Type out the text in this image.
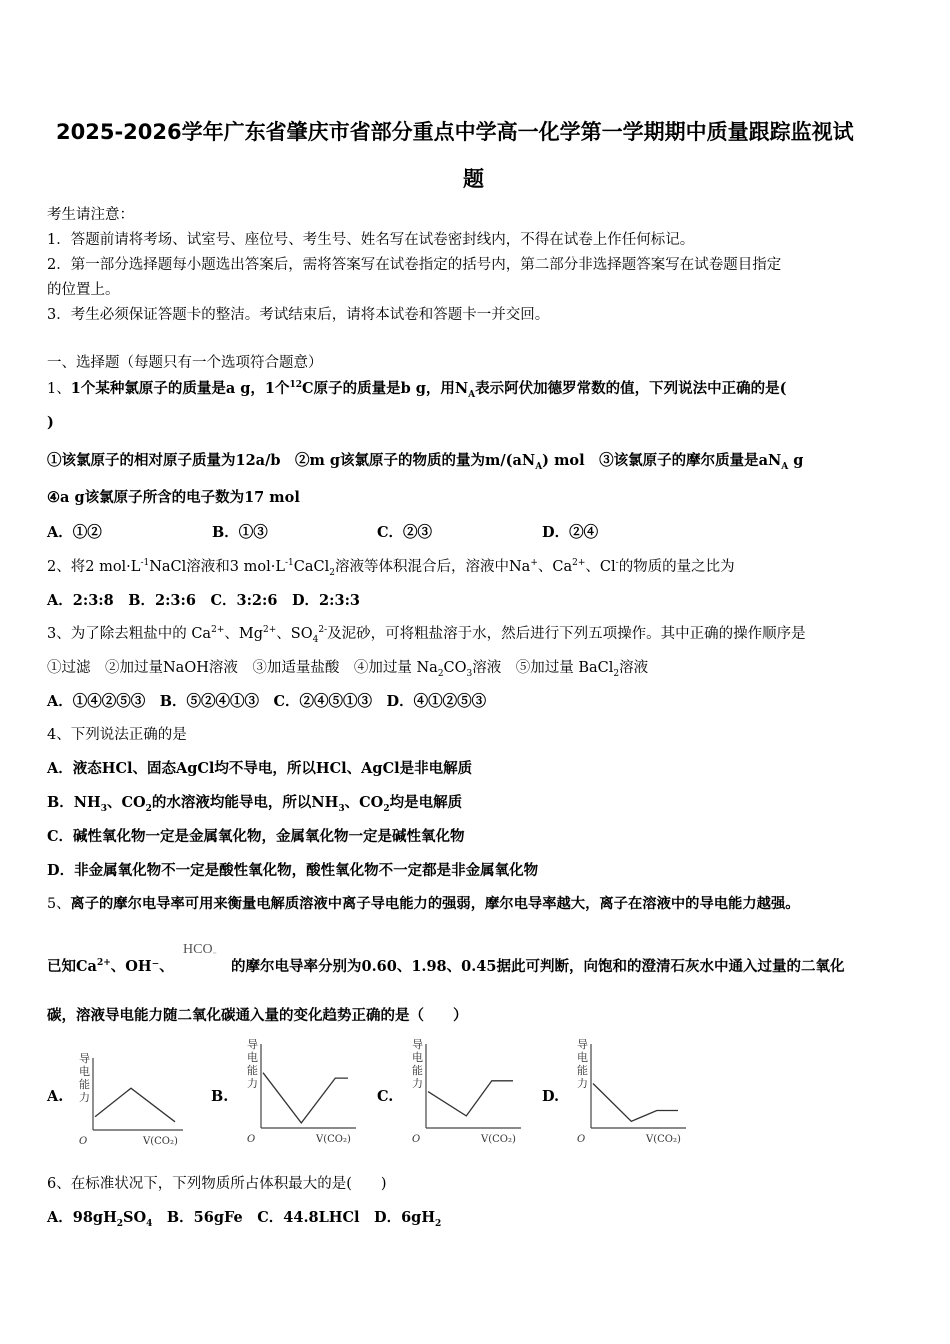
2025-2026学年广东省肇庆市省部分重点中学高一化学第一学期期中质量跟踪监视试
题
考生请注意：
1．答题前请将考场、试室号、座位号、考生号、姓名写在试卷密封线内，不得在试卷上作任何标记。
2．第一部分选择题每小题选出答案后，需将答案写在试卷指定的括号内，第二部分非选择题答案写在试卷题目指定
的位置上。
3．考生必须保证答题卡的整洁。考试结束后，请将本试卷和答题卡一并交回。
一、选择题（每题只有一个选项符合题意）
1、1个某种氯原子的质量是a g，1个$^{12}$C原子的质量是b g，用$N_A$表示阿伏加德罗常数的值，下列说法中正确的是(
)
①该氯原子的相对原子质量为12a/b　②m g该氯原子的物质的量为$m/(aN_A)$ mol　③该氯原子的摩尔质量是$aN_A$ g
④a g该氯原子所含的电子数为17 mol
A．①②	B．①③	C．②③	D．②④
2、将2 $mol\cdot L^{-1}NaCl$溶液和3 $mol\cdot L^{-1}CaCl_2$溶液等体积混合后，溶液中Na+、$Ca^{2+}$、Cl-的物质的量之比为
A．2:3:8　B．2:3:6　C．3:2:6　D．2:3:3
3、为了除去粗盐中的 $Ca^{2+}$、$Mg^{2+}$、$SO_4^{2-}$及泥砂，可将粗盐溶于水，然后进行下列五项操作。其中正确的操作顺序是
①过滤　②加过量NaOH溶液　③加适量盐酸　④加过量 $Na_2CO_3$溶液　⑤加过量 BaCl$_2$溶液
A．①④②⑤③　B．⑤②④①③　C．②④⑤①③　D．④①②⑤③
4、下列说法正确的是
A．液态HCl、固态AgCl均不导电，所以HCl、AgCl是非电解质
B．$NH_3$、$CO_2$的水溶液均能导电，所以$NH_3$、$CO_2$均是电解质
C．碱性氧化物一定是金属氧化物，金属氧化物一定是碱性氧化物
D．非金属氧化物不一定是酸性氧化物，酸性氧化物不一定都是非金属氧化物
5、离子的摩尔电导率可用来衡量电解质溶液中离子导电能力的强弱，摩尔电导率越大，离子在溶液中的导电能力越强。
已知$Ca^{2+}$、OH⁻、
$HCO_{^-}$
的摩尔电导率分别为0.60、1.98、0.45据此可判断，向饱和的澄清石灰水中通入过量的二氧化
碳，溶液导电能力随二氧化碳通入量的变化趋势正确的是（　　）
A.	B.	C.	D.
导
电
能
力
O	V(CO₂)
导
电
能
力
O	V(CO₂)
导
电
能
力
O	V(CO₂)
导
电
能
力
O	V(CO₂)
6、在标准状况下，下列物质所占体积最大的是(　　)
A．$98gH_2SO_4$　B．56gFe　C．44.8LHCl　D．$6gH_2$
